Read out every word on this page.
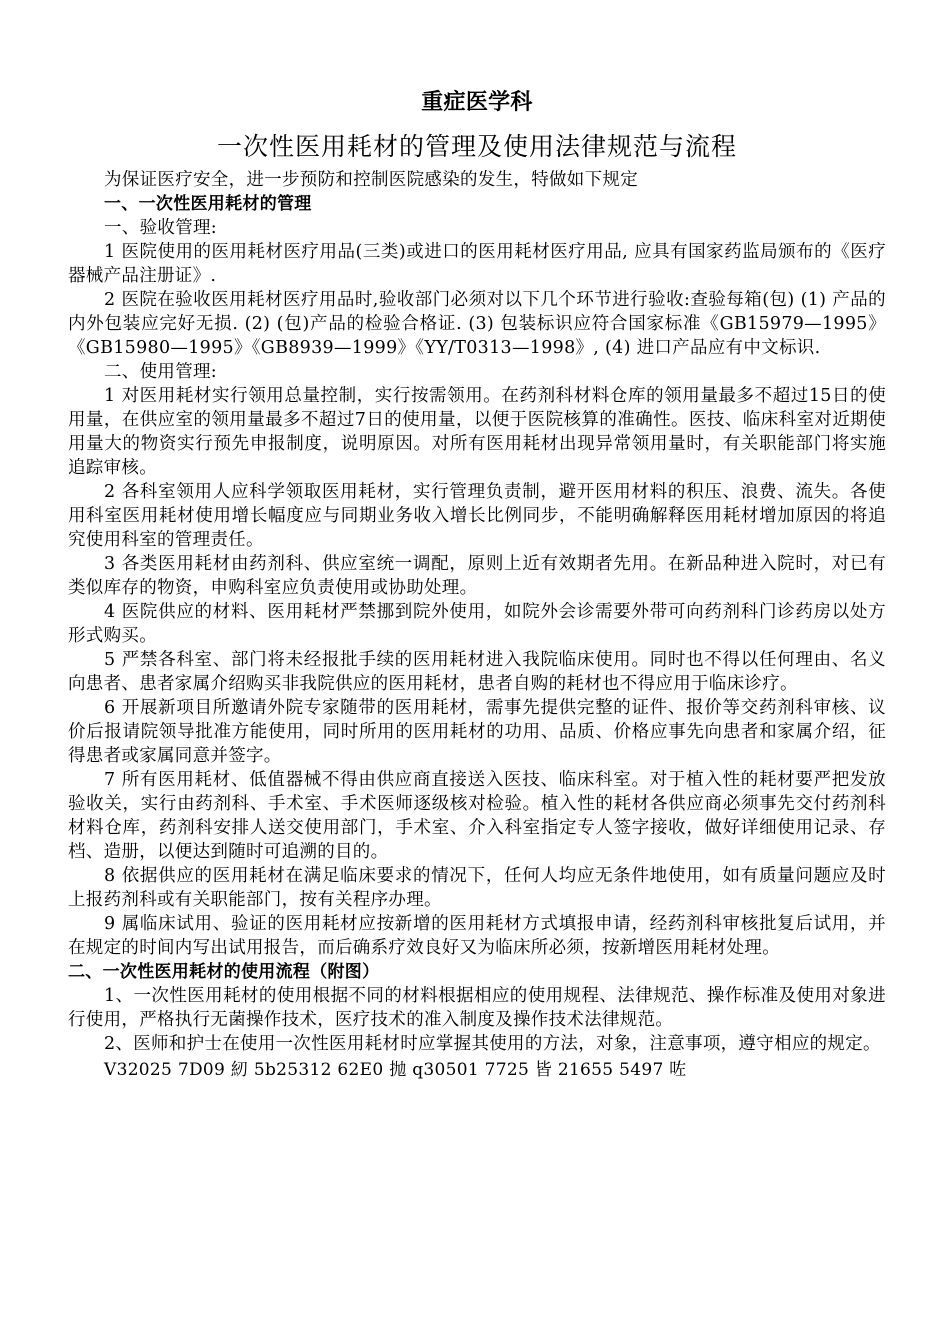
重症医学科
一次性医用耗材的管理及使用法律规范与流程

为保证医疗安全，进一步预防和控制医院感染的发生，特做如下规定

一、一次性医用耗材的管理

一、验收管理:

1 医院使用的医用耗材医疗用品(三类)或进口的医用耗材医疗用品, 应具有国家药监局颁布的《医疗器械产品注册证》.

2 医院在验收医用耗材医疗用品时,验收部门必须对以下几个环节进行验收:查验每箱(包) (1) 产品的内外包装应完好无损. (2) (包)产品的检验合格证. (3) 包装标识应符合国家标准《GB15979—1995》《GB15980—1995》《GB8939—1999》《YY/T0313—1998》, (4) 进口产品应有中文标识.

二、使用管理:

1 对医用耗材实行领用总量控制，实行按需领用。在药剂科材料仓库的领用量最多不超过15日的使用量，在供应室的领用量最多不超过7日的使用量，以便于医院核算的准确性。医技、临床科室对近期使用量大的物资实行预先申报制度，说明原因。对所有医用耗材出现异常领用量时，有关职能部门将实施追踪审核。

2 各科室领用人应科学领取医用耗材，实行管理负责制，避开医用材料的积压、浪费、流失。各使用科室医用耗材使用增长幅度应与同期业务收入增长比例同步，不能明确解释医用耗材增加原因的将追究使用科室的管理责任。

3 各类医用耗材由药剂科、供应室统一调配，原则上近有效期者先用。在新品种进入院时，对已有类似库存的物资，申购科室应负责使用或协助处理。

4 医院供应的材料、医用耗材严禁挪到院外使用，如院外会诊需要外带可向药剂科门诊药房以处方形式购买。

5 严禁各科室、部门将未经报批手续的医用耗材进入我院临床使用。同时也不得以任何理由、名义向患者、患者家属介绍购买非我院供应的医用耗材，患者自购的耗材也不得应用于临床诊疗。

6 开展新项目所邀请外院专家随带的医用耗材，需事先提供完整的证件、报价等交药剂科审核、议价后报请院领导批准方能使用，同时所用的医用耗材的功用、品质、价格应事先向患者和家属介绍，征得患者或家属同意并签字。

7 所有医用耗材、低值器械不得由供应商直接送入医技、临床科室。对于植入性的耗材要严把发放验收关，实行由药剂科、手术室、手术医师逐级核对检验。植入性的耗材各供应商必须事先交付药剂科材料仓库，药剂科安排人送交使用部门，手术室、介入科室指定专人签字接收，做好详细使用记录、存档、造册，以便达到随时可追溯的目的。

8 依据供应的医用耗材在满足临床要求的情况下，任何人均应无条件地使用，如有质量问题应及时上报药剂科或有关职能部门，按有关程序办理。

9 属临床试用、验证的医用耗材应按新增的医用耗材方式填报申请，经药剂科审核批复后试用，并在规定的时间内写出试用报告，而后确系疗效良好又为临床所必须，按新增医用耗材处理。

二、一次性医用耗材的使用流程（附图）

1、一次性医用耗材的使用根据不同的材料根据相应的使用规程、法律规范、操作标准及使用对象进行使用，严格执行无菌操作技术，医疗技术的准入制度及操作技术法律规范。

2、医师和护士在使用一次性医用耗材时应掌握其使用的方法，对象，注意事项，遵守相应的规定。

V32025 7D09 紉 5b25312 62E0 抛 q30501 7725 皆 21655 5497 咗
